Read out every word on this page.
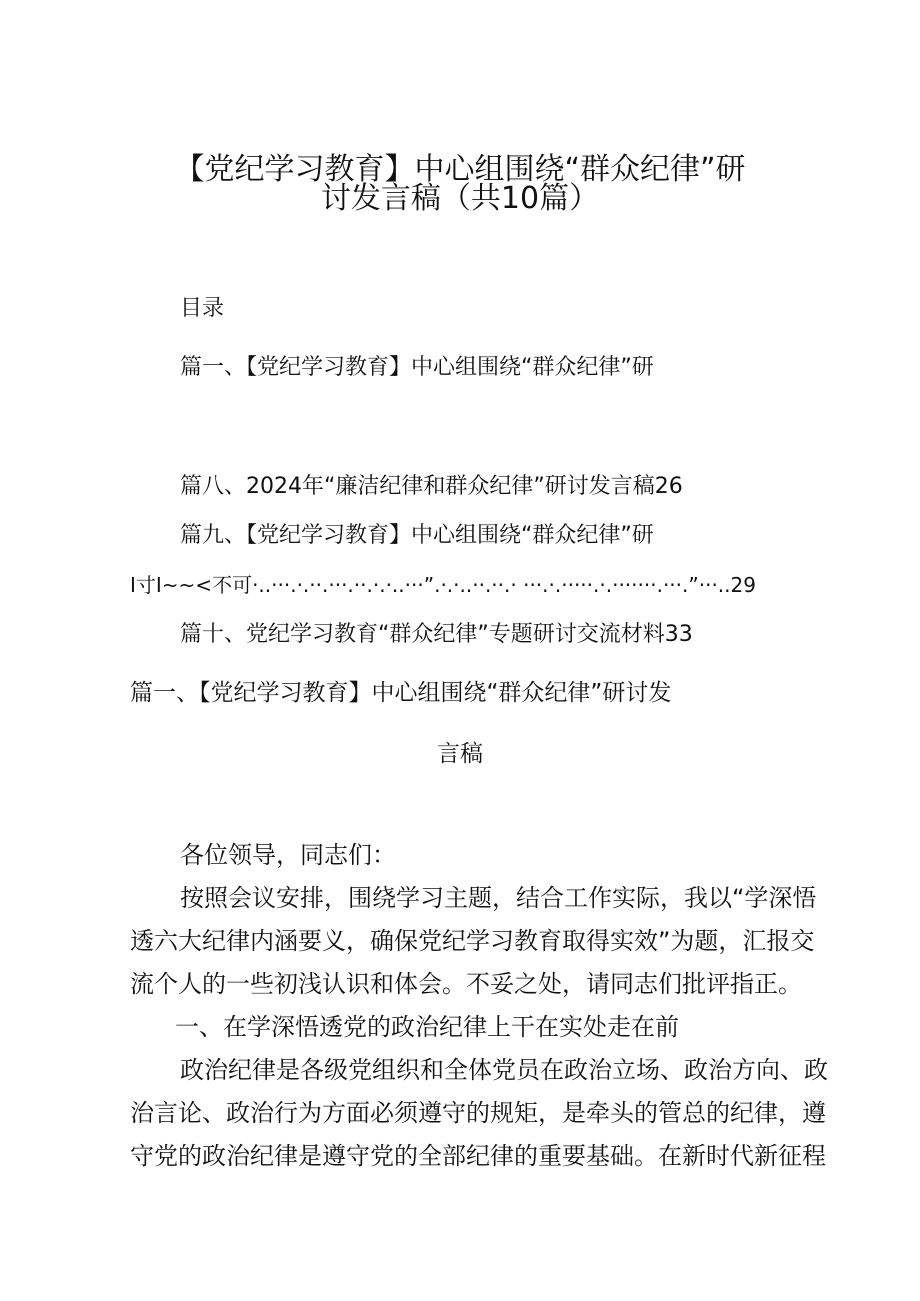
【党纪学习教育】中心组围绕“群众纪律”研
讨发言稿（共10篇）
目录
篇一、【党纪学习教育】中心组围绕“群众纪律”研
篇八、2024年“廉洁纪律和群众纪律”研讨发言稿26
篇九、【党纪学习教育】中心组围绕“群众纪律”研
I寸I~~<不可·..···.·.··.···.··.·.·..···”.·.·..··.··.· ···.·.·····.·.·······.···.”···..29
篇十、党纪学习教育“群众纪律”专题研讨交流材料33
篇一、【党纪学习教育】中心组围绕“群众纪律”研讨发
言稿
各位领导，同志们：
按照会议安排，围绕学习主题，结合工作实际，我以“学深悟
透六大纪律内涵要义，确保党纪学习教育取得实效”为题，汇报交
流个人的一些初浅认识和体会。不妥之处，请同志们批评指正。
一、在学深悟透党的政治纪律上干在实处走在前
政治纪律是各级党组织和全体党员在政治立场、政治方向、政
治言论、政治行为方面必须遵守的规矩，是牵头的管总的纪律，遵
守党的政治纪律是遵守党的全部纪律的重要基础。在新时代新征程
